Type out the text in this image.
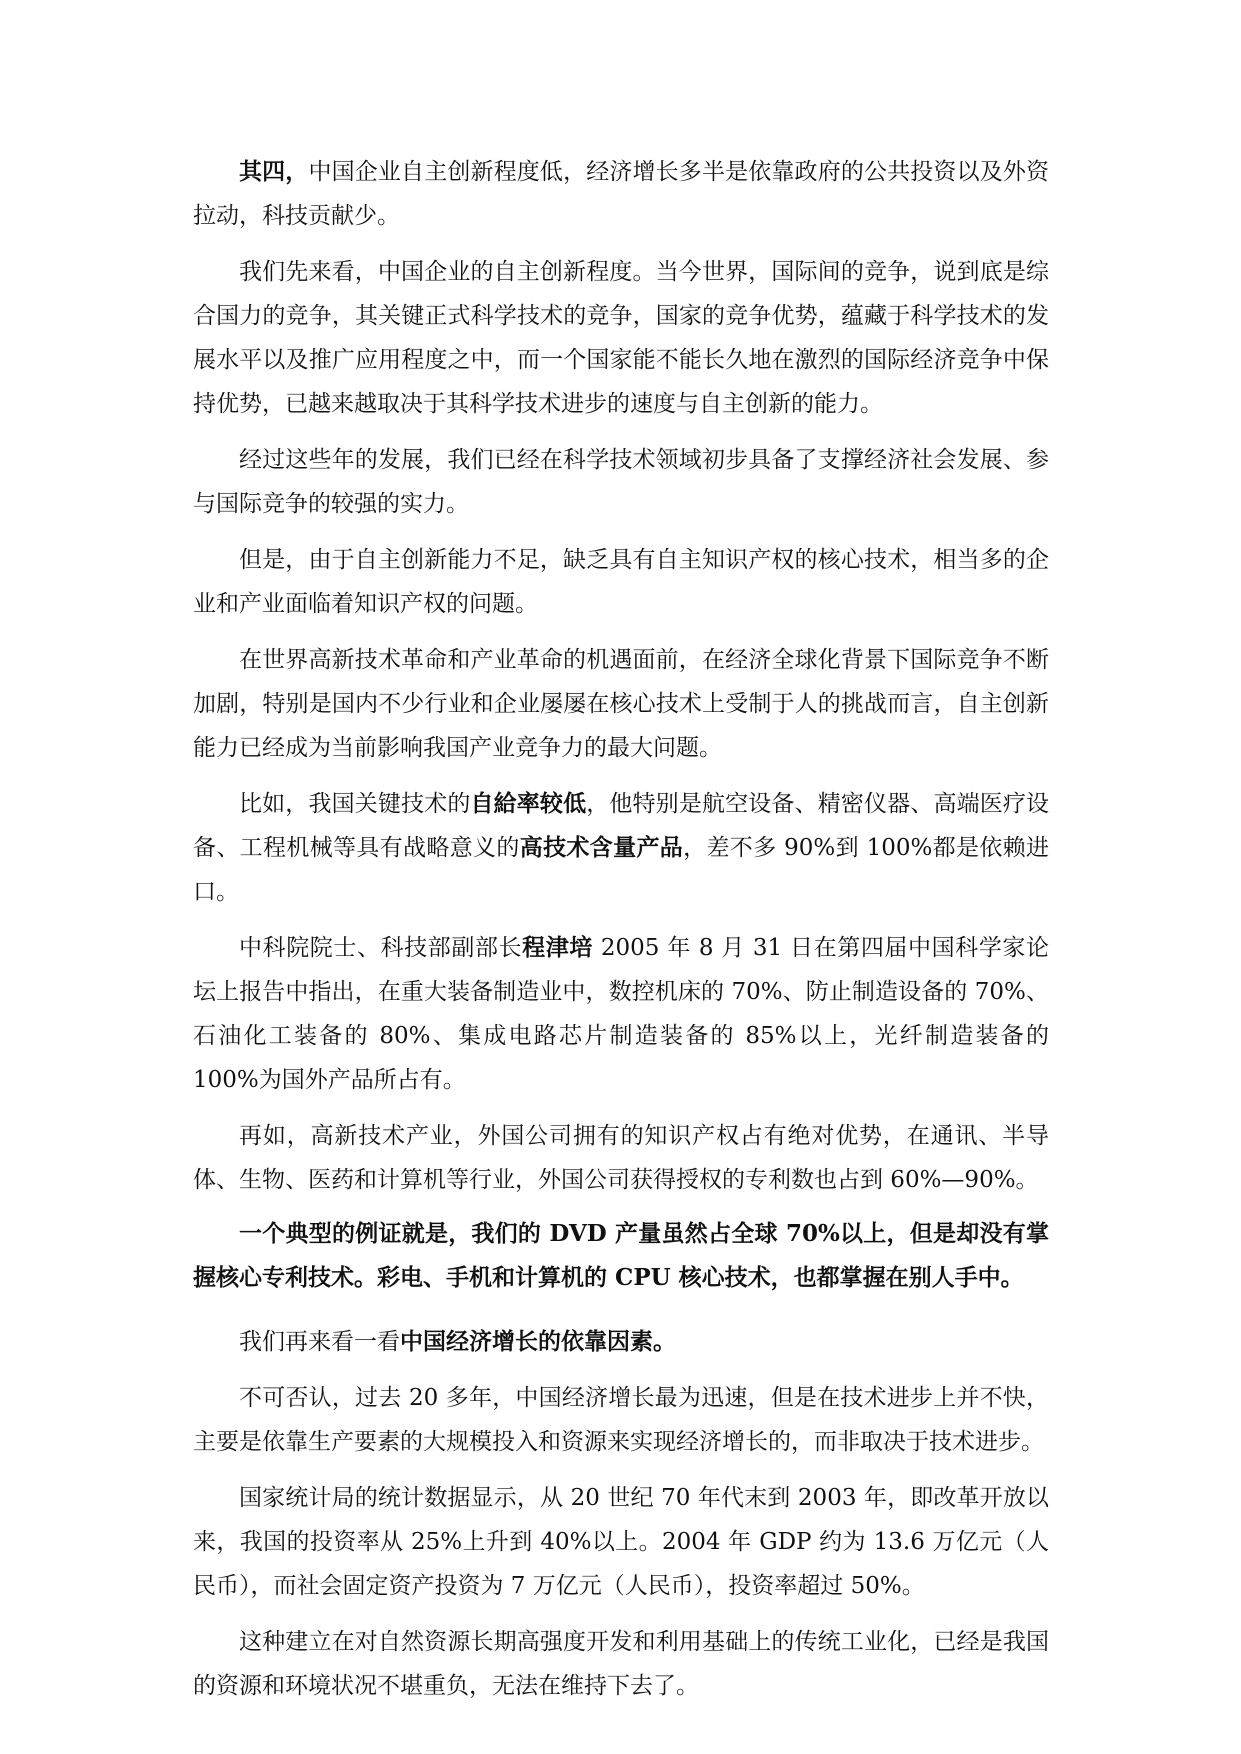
其四，中国企业自主创新程度低，经济增长多半是依靠政府的公共投资以及外资拉动，科技贡献少。

我们先来看，中国企业的自主创新程度。当今世界，国际间的竞争，说到底是综合国力的竞争，其关键正式科学技术的竞争，国家的竞争优势，蕴藏于科学技术的发展水平以及推广应用程度之中，而一个国家能不能长久地在激烈的国际经济竞争中保持优势，已越来越取决于其科学技术进步的速度与自主创新的能力。

经过这些年的发展，我们已经在科学技术领域初步具备了支撑经济社会发展、参与国际竞争的较强的实力。

但是，由于自主创新能力不足，缺乏具有自主知识产权的核心技术，相当多的企业和产业面临着知识产权的问题。

在世界高新技术革命和产业革命的机遇面前，在经济全球化背景下国际竞争不断加剧，特别是国内不少行业和企业屡屡在核心技术上受制于人的挑战而言，自主创新能力已经成为当前影响我国产业竞争力的最大问题。

比如，我国关键技术的自給率较低，他特别是航空设备、精密仪器、高端医疗设备、工程机械等具有战略意义的高技术含量产品，差不多 90%到 100%都是依赖进口。

中科院院士、科技部副部长程津培 2005 年 8 月 31 日在第四届中国科学家论坛上报告中指出，在重大装备制造业中，数控机床的 70%、防止制造设备的 70%、石油化工装备的 80%、集成电路芯片制造装备的 85%以上，光纤制造装备的 100%为国外产品所占有。

再如，高新技术产业，外国公司拥有的知识产权占有绝对优势，在通讯、半导体、生物、医药和计算机等行业，外国公司获得授权的专利数也占到 60%—90%。

一个典型的例证就是，我们的 DVD 产量虽然占全球 70%以上，但是却没有掌握核心专利技术。彩电、手机和计算机的 CPU 核心技术，也都掌握在别人手中。

我们再来看一看中国经济增长的依靠因素。

不可否认，过去 20 多年，中国经济增长最为迅速，但是在技术进步上并不快，主要是依靠生产要素的大规模投入和资源来实现经济增长的，而非取决于技术进步。

国家统计局的统计数据显示，从 20 世纪 70 年代末到 2003 年，即改革开放以来，我国的投资率从 25%上升到 40%以上。2004 年 GDP 约为 13.6 万亿元（人民币），而社会固定资产投资为 7 万亿元（人民币），投资率超过 50%。

这种建立在对自然资源长期高强度开发和利用基础上的传统工业化，已经是我国的资源和环境状况不堪重负，无法在维持下去了。
